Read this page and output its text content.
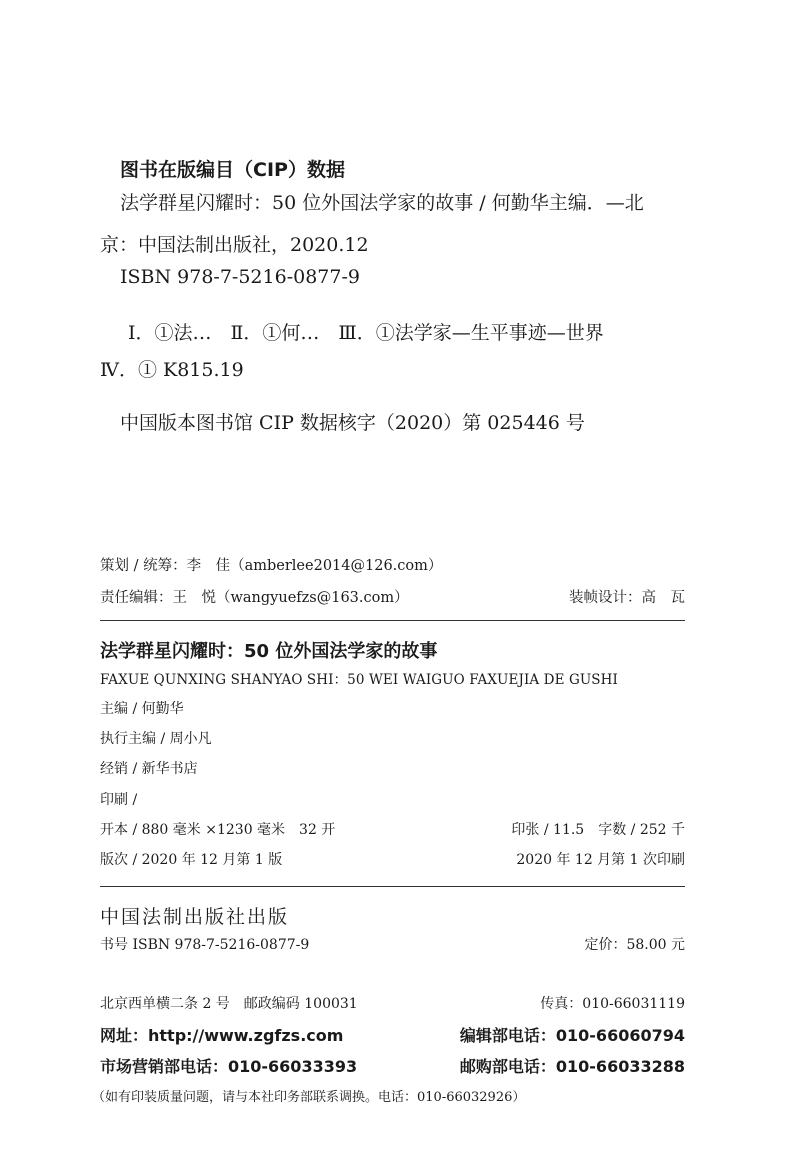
图书在版编目（CIP）数据
法学群星闪耀时：50 位外国法学家的故事 / 何勤华主编．—北
京：中国法制出版社，2020.12
ISBN 978-7-5216-0877-9
Ⅰ．①法…　Ⅱ．①何…　Ⅲ．①法学家—生平事迹—世界
Ⅳ．① K815.19
中国版本图书馆 CIP 数据核字（2020）第 025446 号
策划 / 统筹：李　佳（amberlee2014@126.com）
责任编辑：王　悦（wangyuefzs@163.com）	装帧设计：高　瓦
法学群星闪耀时：50 位外国法学家的故事
FAXUE QUNXING SHANYAO SHI：50 WEI WAIGUO FAXUEJIA DE GUSHI
主编 / 何勤华
执行主编 / 周小凡
经销 / 新华书店
印刷 /
开本 / 880 毫米 ×1230 毫米　32 开	印张 / 11.5　字数 / 252 千
版次 / 2020 年 12 月第 1 版	2020 年 12 月第 1 次印刷
中国法制出版社出版
书号 ISBN 978-7-5216-0877-9	定价：58.00 元
北京西单横二条 2 号　邮政编码 100031	传真：010-66031119
网址：http://www.zgfzs.com	编辑部电话：010-66060794
市场营销部电话：010-66033393	邮购部电话：010-66033288
（如有印装质量问题，请与本社印务部联系调换。电话：010-66032926）
